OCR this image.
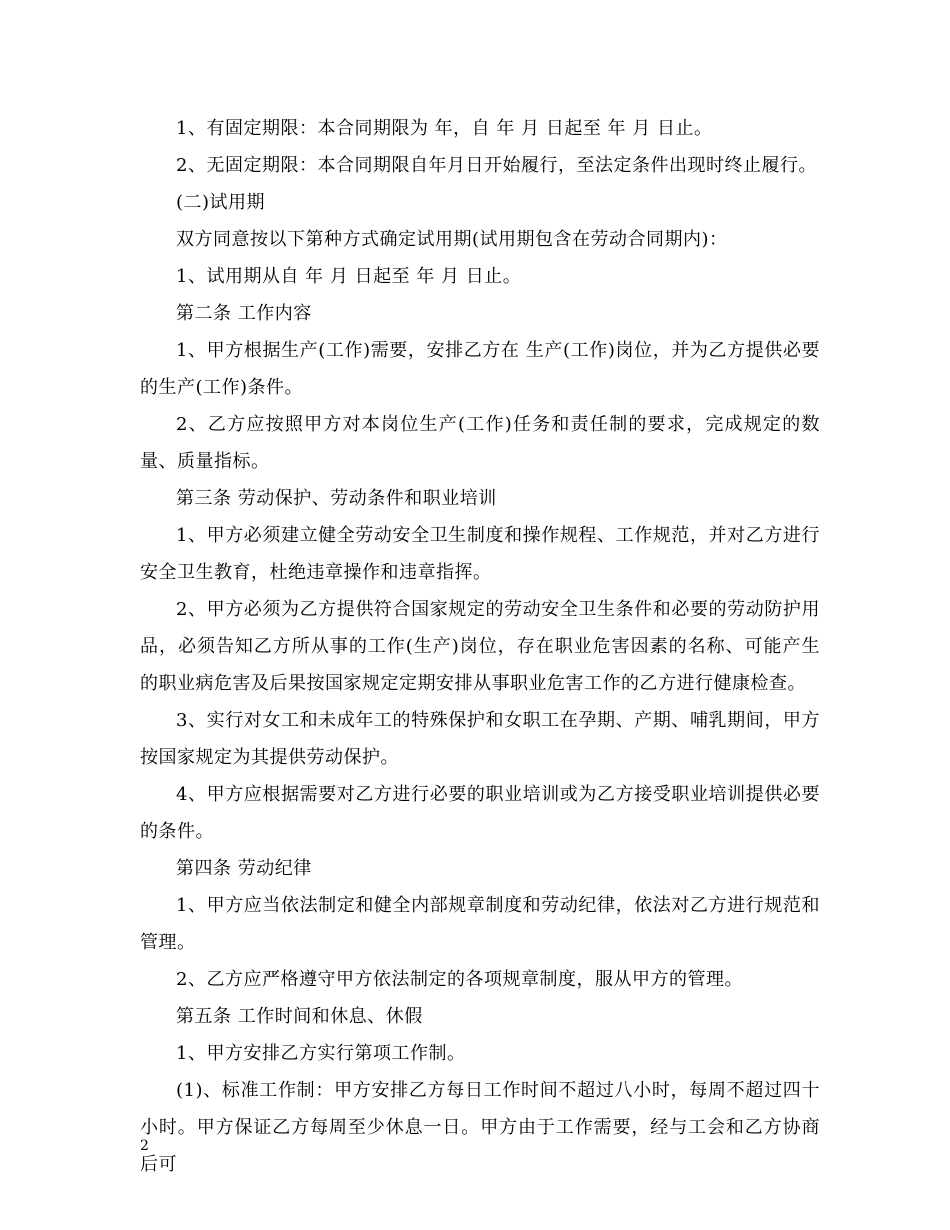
1、有固定期限：本合同期限为 年，自 年 月 日起至 年 月 日止。

2、无固定期限：本合同期限自年月日开始履行，至法定条件出现时终止履行。

(二)试用期

双方同意按以下第种方式确定试用期(试用期包含在劳动合同期内)：

1、试用期从自 年 月 日起至 年 月 日止。

第二条 工作内容

1、甲方根据生产(工作)需要，安排乙方在 生产(工作)岗位，并为乙方提供必要的生产(工作)条件。

2、乙方应按照甲方对本岗位生产(工作)任务和责任制的要求，完成规定的数量、质量指标。

第三条 劳动保护、劳动条件和职业培训

1、甲方必须建立健全劳动安全卫生制度和操作规程、工作规范，并对乙方进行安全卫生教育，杜绝违章操作和违章指挥。

2、甲方必须为乙方提供符合国家规定的劳动安全卫生条件和必要的劳动防护用品，必须告知乙方所从事的工作(生产)岗位，存在职业危害因素的名称、可能产生的职业病危害及后果按国家规定定期安排从事职业危害工作的乙方进行健康检查。

3、实行对女工和未成年工的特殊保护和女职工在孕期、产期、哺乳期间，甲方按国家规定为其提供劳动保护。

4、甲方应根据需要对乙方进行必要的职业培训或为乙方接受职业培训提供必要的条件。

第四条 劳动纪律

1、甲方应当依法制定和健全内部规章制度和劳动纪律，依法对乙方进行规范和管理。

2、乙方应严格遵守甲方依法制定的各项规章制度，服从甲方的管理。

第五条 工作时间和休息、休假

1、甲方安排乙方实行第项工作制。

(1)、标准工作制：甲方安排乙方每日工作时间不超过八小时，每周不超过四十小时。甲方保证乙方每周至少休息一日。甲方由于工作需要，经与工会和乙方协商后可

2
